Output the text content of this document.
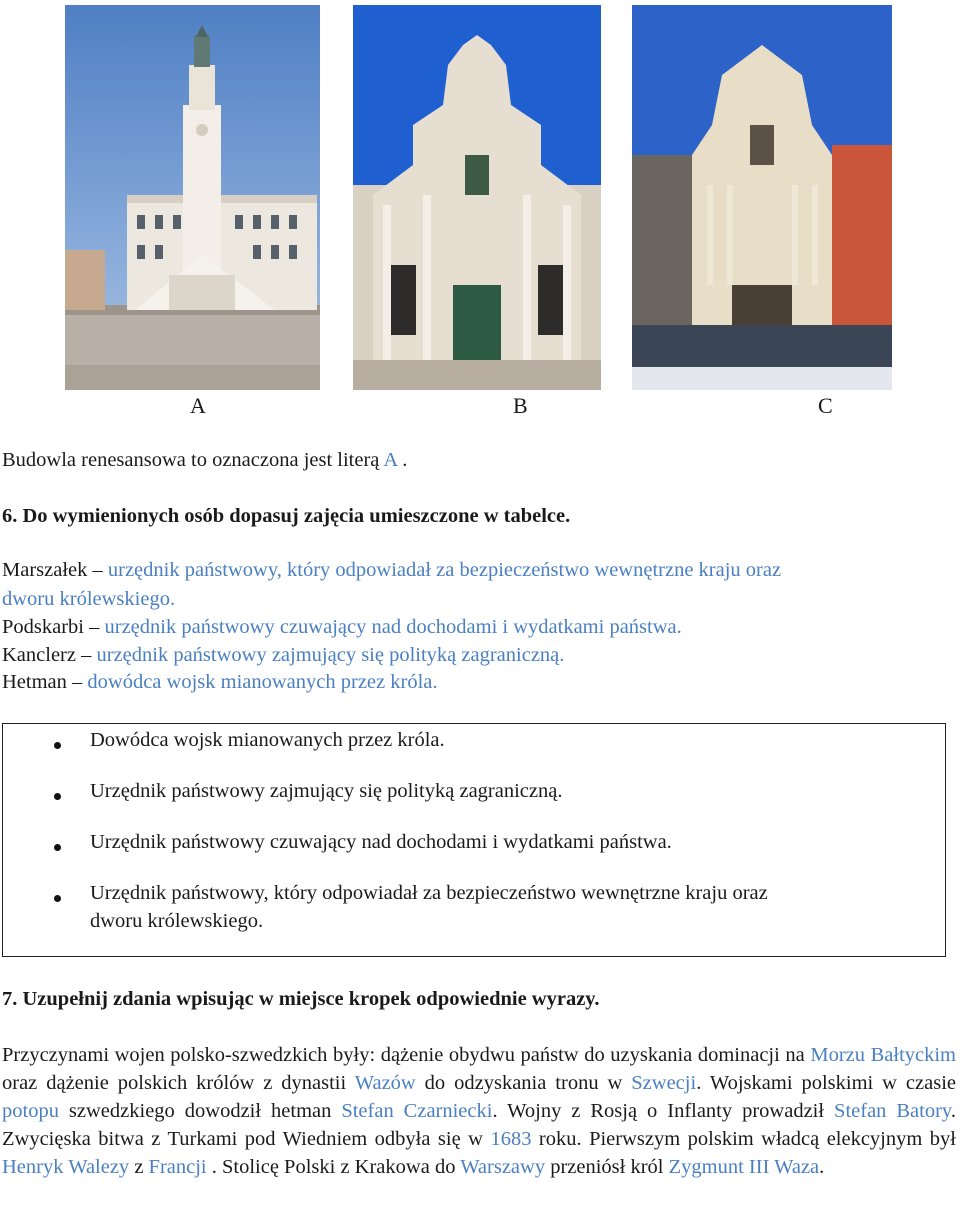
A	B	C
Budowla renesansowa to oznaczona jest literą A .
6. Do wymienionych osób dopasuj zajęcia umieszczone w tabelce.
Marszałek – urzędnik państwowy, który odpowiadał za bezpieczeństwo wewnętrzne kraju oraz
dworu królewskiego.
Podskarbi – urzędnik państwowy czuwający nad dochodami i wydatkami państwa.
Kanclerz – urzędnik państwowy zajmujący się polityką zagraniczną.
Hetman – dowódca wojsk mianowanych przez króla.
Dowódca wojsk mianowanych przez króla.
Urzędnik państwowy zajmujący się polityką zagraniczną.
Urzędnik państwowy czuwający nad dochodami i wydatkami państwa.
Urzędnik państwowy, który odpowiadał za bezpieczeństwo wewnętrzne kraju oraz
dworu królewskiego.
7. Uzupełnij zdania wpisując w miejsce kropek odpowiednie wyrazy.
Przyczynami wojen polsko-szwedzkich były: dążenie obydwu państw do uzyskania dominacji na Morzu Bałtyckim oraz dążenie polskich królów z dynastii Wazów do odzyskania tronu w Szwecji. Wojskami polskimi w czasie potopu szwedzkiego dowodził hetman Stefan Czarniecki. Wojny z Rosją o Inflanty prowadził Stefan Batory. Zwycięska bitwa z Turkami pod Wiedniem odbyła się w 1683 roku. Pierwszym polskim władcą elekcyjnym był Henryk Walezy z Francji . Stolicę Polski z Krakowa do Warszawy przeniósł król Zygmunt III Waza.
